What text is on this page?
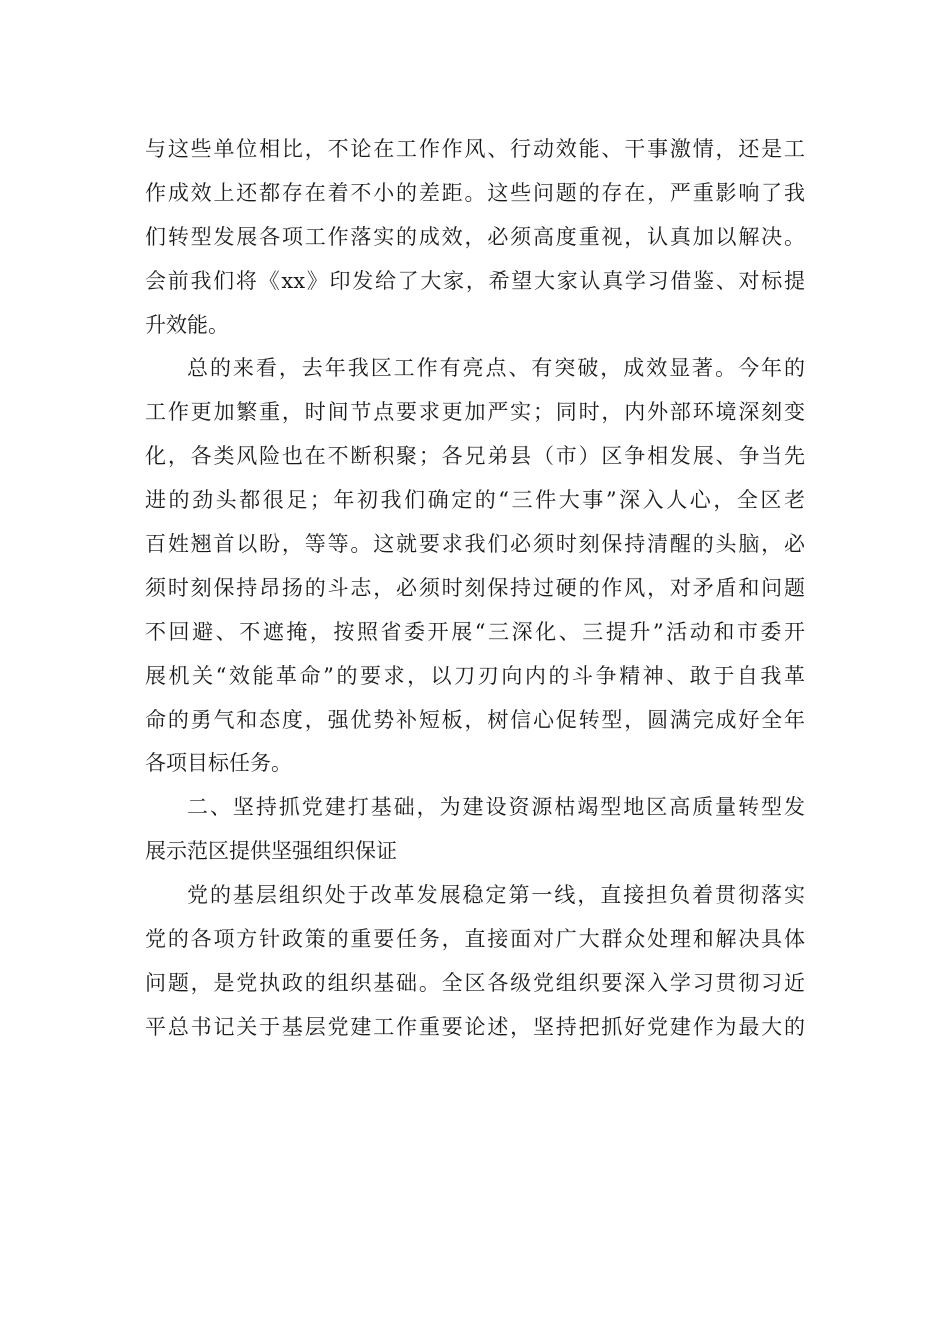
与这些单位相比，不论在工作作风、行动效能、干事激情，还是工
作成效上还都存在着不小的差距。这些问题的存在，严重影响了我
们转型发展各项工作落实的成效，必须高度重视，认真加以解决。
会前我们将《xx》印发给了大家，希望大家认真学习借鉴、对标提
升效能。
总的来看，去年我区工作有亮点、有突破，成效显著。今年的
工作更加繁重，时间节点要求更加严实；同时，内外部环境深刻变
化，各类风险也在不断积聚；各兄弟县（市）区争相发展、争当先
进的劲头都很足；年初我们确定的“三件大事”深入人心，全区老
百姓翘首以盼，等等。这就要求我们必须时刻保持清醒的头脑，必
须时刻保持昂扬的斗志，必须时刻保持过硬的作风，对矛盾和问题
不回避、不遮掩，按照省委开展“三深化、三提升”活动和市委开
展机关“效能革命”的要求，以刀刃向内的斗争精神、敢于自我革
命的勇气和态度，强优势补短板，树信心促转型，圆满完成好全年
各项目标任务。
二、坚持抓党建打基础，为建设资源枯竭型地区高质量转型发
展示范区提供坚强组织保证
党的基层组织处于改革发展稳定第一线，直接担负着贯彻落实
党的各项方针政策的重要任务，直接面对广大群众处理和解决具体
问题，是党执政的组织基础。全区各级党组织要深入学习贯彻习近
平总书记关于基层党建工作重要论述，坚持把抓好党建作为最大的
